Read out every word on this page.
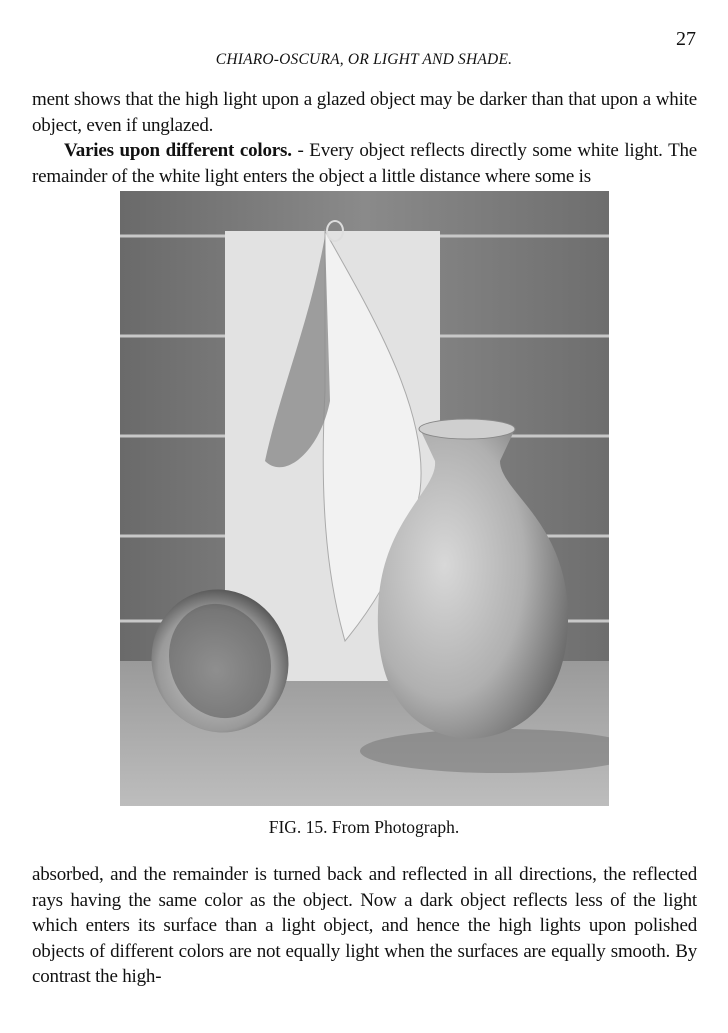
27
CHIARO-OSCURA, OR LIGHT AND SHADE.
ment shows that the high light upon a glazed object may be darker than that upon a white object, even if unglazed.
Varies upon different colors. - Every object reflects directly some white light. The remainder of the white light enters the object a little distance where some is
FIG. 15. From Photograph.
absorbed, and the remainder is turned back and reflected in all directions, the reflected rays having the same color as the object. Now a dark object reflects less of the light which enters its surface than a light object, and hence the high lights upon polished objects of different colors are not equally light when the surfaces are equally smooth. By contrast the high-
